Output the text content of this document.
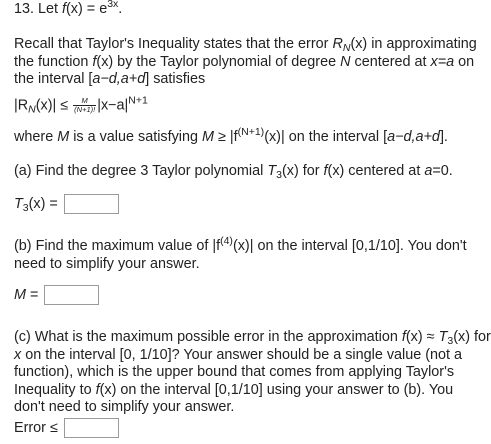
13. Let $f(x) = e^{3x}$.

Recall that Taylor's Inequality states that the error $R_N(x)$ in approximating

the function f(x) by the Taylor polynomial of degree N centered at x=a on

the interval [a−d,a+d] satisfies

$|R_N(x)| \le \frac{M}{(N+1)!} |x-a|^{N+1}$

where M is a value satisfying $M \ge |f^{(N+1)}(x)|$ on the interval [a−d,a+d].

(a) Find the degree 3 Taylor polynomial $T_3(x)$ for f(x) centered at a=0.

$T_3(x)$ =

(b) Find the maximum value of $|f^{(4)}(x)|$ on the interval [0,1/10]. You don't

need to simplify your answer.

M =

(c) What is the maximum possible error in the approximation $f(x) \approx T_3(x)$ for

x on the interval [0, 1/10]? Your answer should be a single value (not a

function), which is the upper bound that comes from applying Taylor's

Inequality to f(x) on the interval [0,1/10] using your answer to (b). You

don't need to simplify your answer.

Error ≤
